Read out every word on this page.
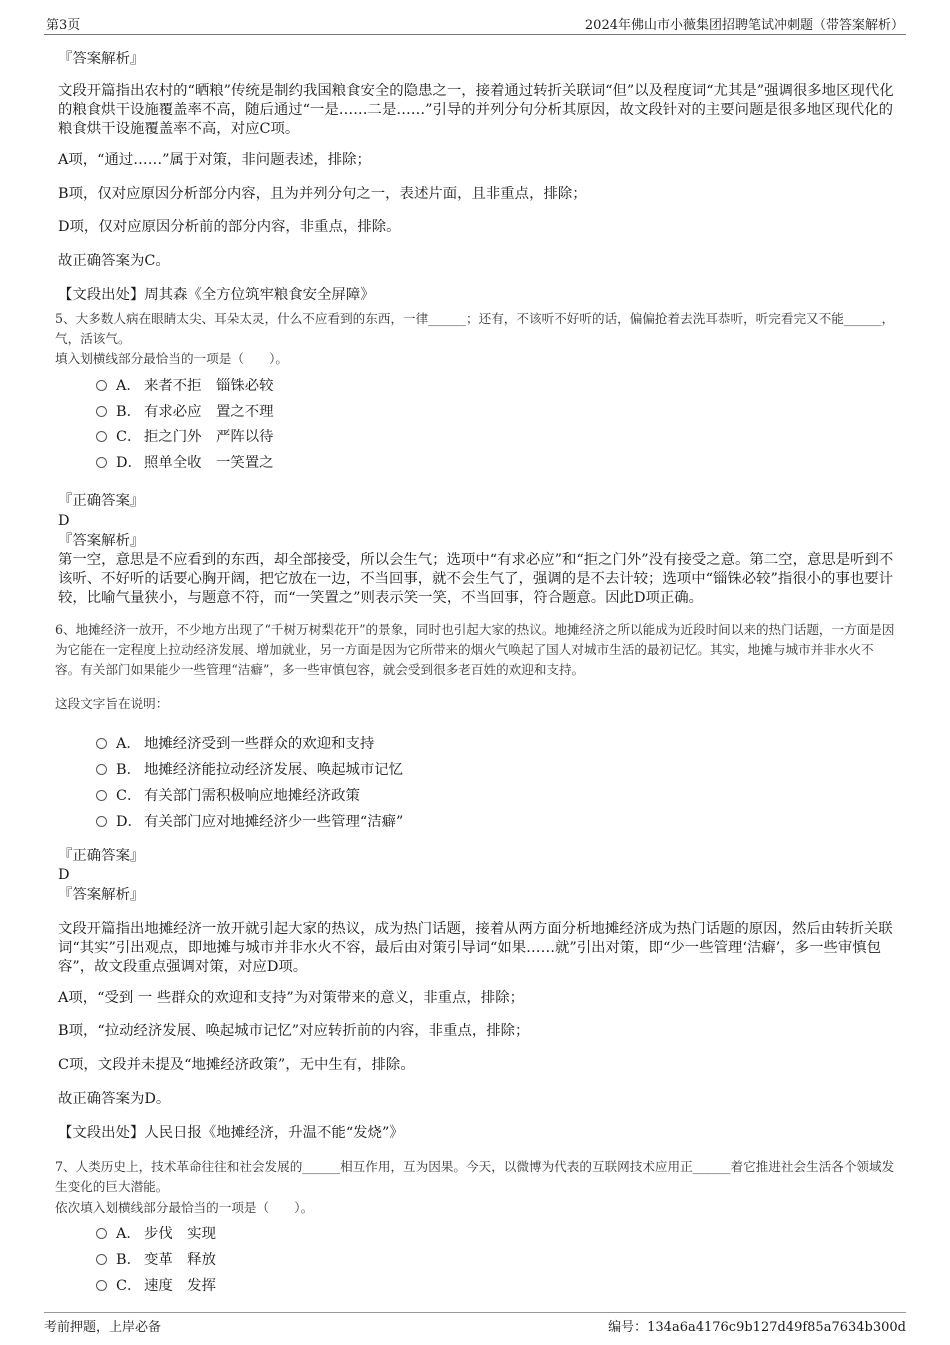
第3页	2024年佛山市小薇集团招聘笔试冲刺题（带答案解析）
『答案解析』
文段开篇指出农村的“晒粮”传统是制约我国粮食安全的隐患之一，接着通过转折关联词“但”以及程度词“尤其是”强调很多地区现代化的粮食烘干设施覆盖率不高，随后通过“一是……二是……”引导的并列分句分析其原因，故文段针对的主要问题是很多地区现代化的粮食烘干设施覆盖率不高，对应C项。
A项，“通过……”属于对策，非问题表述，排除；
B项，仅对应原因分析部分内容，且为并列分句之一，表述片面，且非重点，排除；
D项，仅对应原因分析前的部分内容，非重点，排除。
故正确答案为C。
【文段出处】周其森《全方位筑牢粮食安全屏障》
5、大多数人病在眼睛太尖、耳朵太灵，什么不应看到的东西，一律______；还有，不该听不好听的话，偏偏抢着去洗耳恭听，听完看完又不能______，气，活该气。
填入划横线部分最恰当的一项是（　　）。
A． 来者不拒　锱铢必较
B． 有求必应　置之不理
C． 拒之门外　严阵以待
D． 照单全收　一笑置之
『正确答案』
D
『答案解析』
第一空，意思是不应看到的东西，却全部接受，所以会生气；选项中“有求必应”和“拒之门外”没有接受之意。第二空，意思是听到不该听、不好听的话要心胸开阔，把它放在一边，不当回事，就不会生气了，强调的是不去计较；选项中“锱铢必较”指很小的事也要计较，比喻气量狭小，与题意不符，而“一笑置之”则表示笑一笑，不当回事，符合题意。因此D项正确。
6、地摊经济一放开，不少地方出现了“千树万树梨花开”的景象，同时也引起大家的热议。地摊经济之所以能成为近段时间以来的热门话题，一方面是因为它能在一定程度上拉动经济发展、增加就业，另一方面是因为它所带来的烟火气唤起了国人对城市生活的最初记忆。其实，地摊与城市并非水火不容。有关部门如果能少一些管理“洁癖”，多一些审慎包容，就会受到很多老百姓的欢迎和支持。
这段文字旨在说明：
A． 地摊经济受到一些群众的欢迎和支持
B． 地摊经济能拉动经济发展、唤起城市记忆
C． 有关部门需积极响应地摊经济政策
D． 有关部门应对地摊经济少一些管理“洁癖”
『正确答案』
D
『答案解析』
文段开篇指出地摊经济一放开就引起大家的热议，成为热门话题，接着从两方面分析地摊经济成为热门话题的原因，然后由转折关联词“其实”引出观点，即地摊与城市并非水火不容，最后由对策引导词“如果……就”引出对策，即“少一些管理‘洁癖’，多一些审慎包容”，故文段重点强调对策，对应D项。
A项，“受到 一 些群众的欢迎和支持”为对策带来的意义，非重点，排除；
B项，“拉动经济发展、唤起城市记忆”对应转折前的内容，非重点，排除；
C项，文段并未提及“地摊经济政策”，无中生有，排除。
故正确答案为D。
【文段出处】人民日报《地摊经济，升温不能“发烧”》
7、人类历史上，技术革命往往和社会发展的______相互作用，互为因果。今天，以微博为代表的互联网技术应用正______着它推进社会生活各个领域发生变化的巨大潜能。
依次填入划横线部分最恰当的一项是（　　）。
A． 步伐　实现
B． 变革　释放
C． 速度　发挥
考前押题，上岸必备	编号：134a6a4176c9b127d49f85a7634b300d
